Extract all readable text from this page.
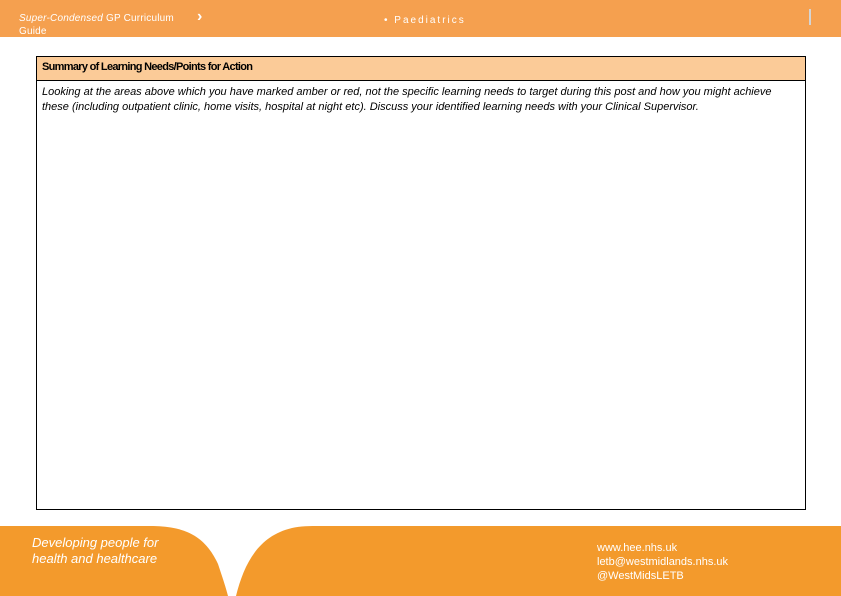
Super-Condensed GP Curriculum Guide
›	• Paediatrics
Summary of Learning Needs/Points for Action
Looking at the areas above which you have marked amber or red, not the specific learning needs to target during this post and how you might achieve these (including outpatient clinic, home visits, hospital at night etc). Discuss your identified learning needs with your Clinical Supervisor.
Developing people for health and healthcare
www.hee.nhs.uk
letb@westmidlands.nhs.uk
@WestMidsLETB
